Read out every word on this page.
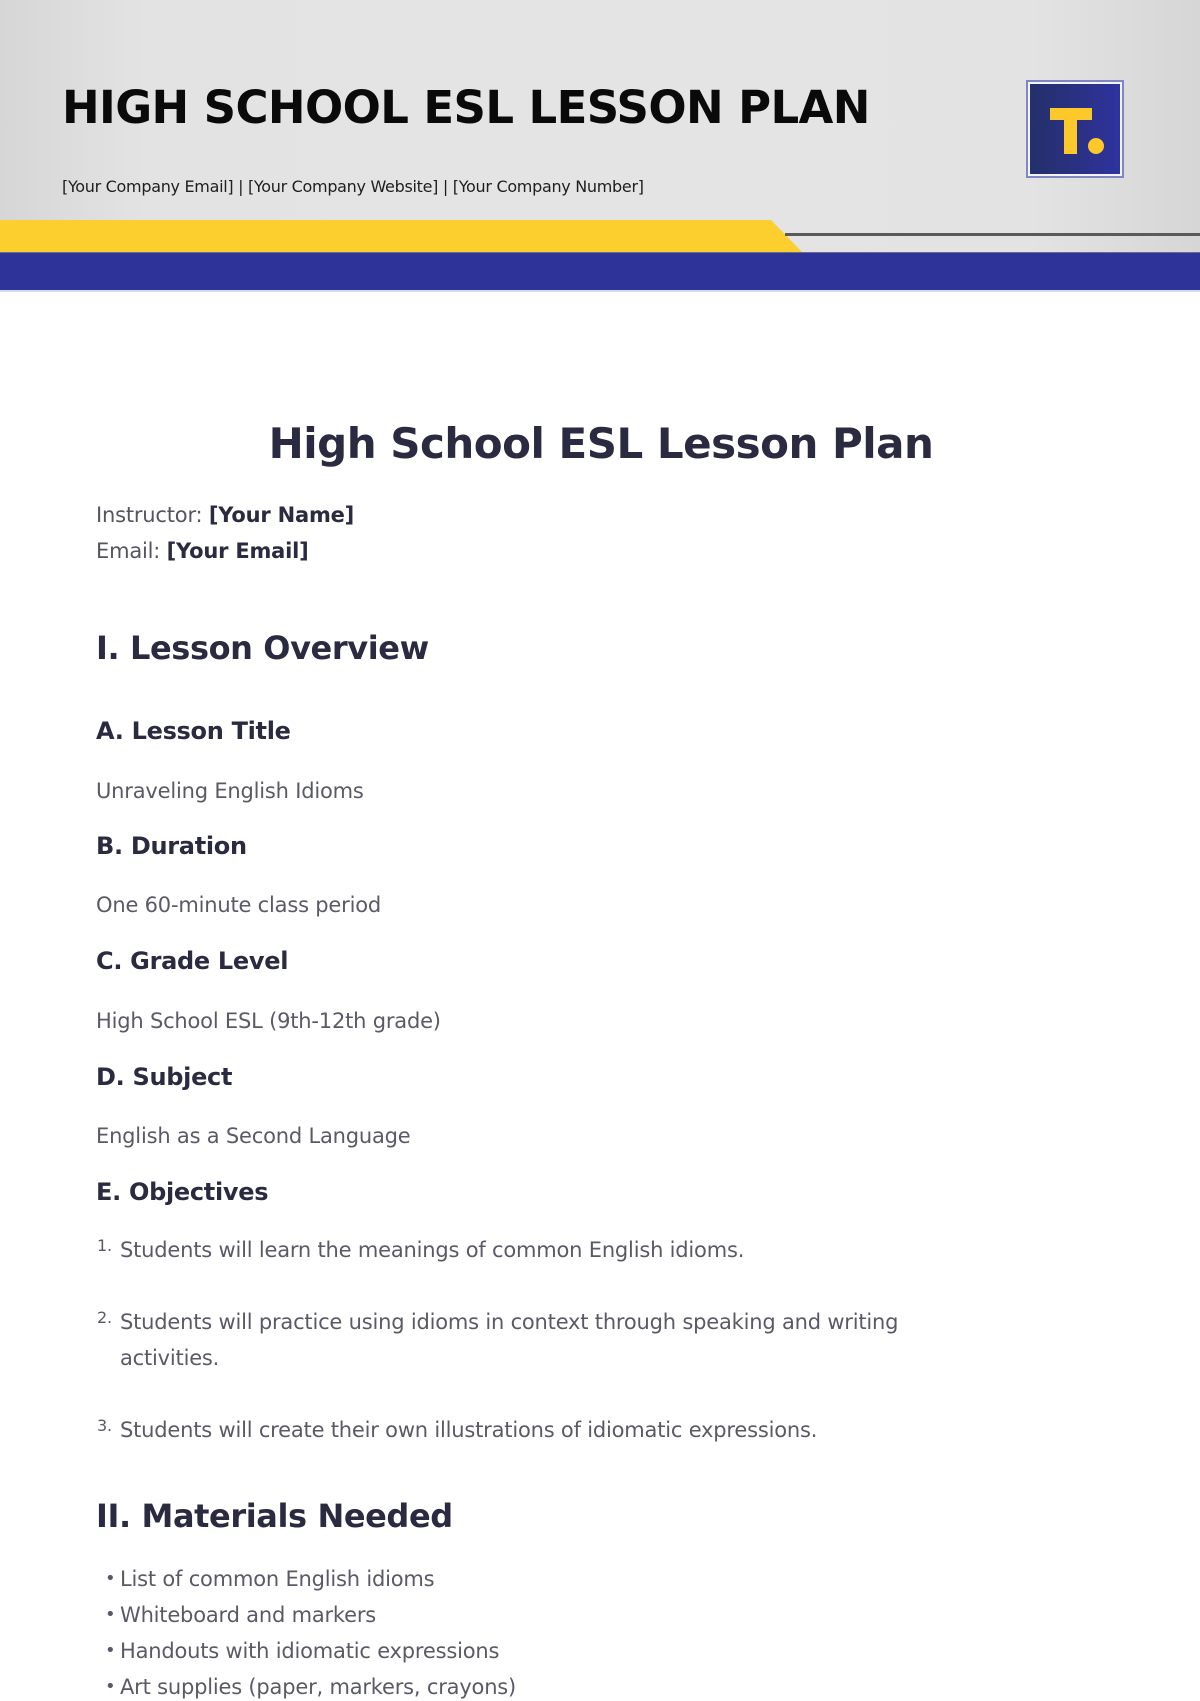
HIGH SCHOOL ESL LESSON PLAN
[Your Company Email] | [Your Company Website] | [Your Company Number]
High School ESL Lesson Plan
Instructor: [Your Name]
Email: [Your Email]
I. Lesson Overview
A. Lesson Title

Unraveling English Idioms

B. Duration

One 60-minute class period

C. Grade Level

High School ESL (9th-12th grade)

D. Subject

English as a Second Language

E. Objectives
1. Students will learn the meanings of common English idioms.
2. Students will practice using idioms in context through speaking and writing activities.
3. Students will create their own illustrations of idiomatic expressions.
II. Materials Needed
• List of common English idioms
• Whiteboard and markers
• Handouts with idiomatic expressions
• Art supplies (paper, markers, crayons)
